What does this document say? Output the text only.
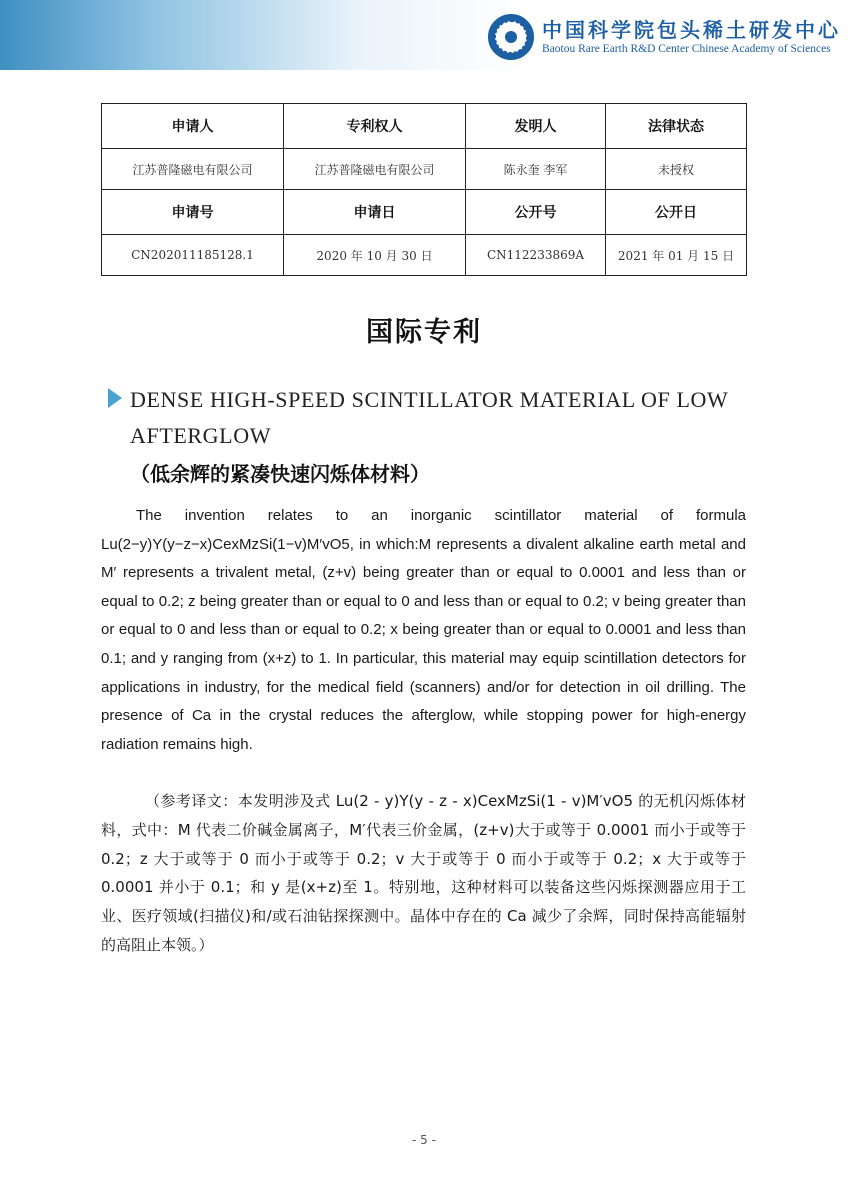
中国科学院包头稀土研发中心
Baotou Rare Earth R&D Center Chinese Academy of Sciences
申请人	专利权人	发明人	法律状态
江苏普隆磁电有限公司	江苏普隆磁电有限公司	陈永奎 李军	未授权
申请号	申请日	公开号	公开日
CN202011185128.1	2020 年 10 月 30 日	CN112233869A	2021 年 01 月 15 日
国际专利
DENSE HIGH-SPEED SCINTILLATOR MATERIAL OF LOW AFTERGLOW
（低余辉的紧凑快速闪烁体材料）
The invention relates to an inorganic scintillator material of formula Lu(2−y)Y(y−z−x)CexMzSi(1−v)M′vO5, in which:M represents a divalent alkaline earth metal and M′ represents a trivalent metal, (z+v) being greater than or equal to 0.0001 and less than or equal to 0.2; z being greater than or equal to 0 and less than or equal to 0.2; v being greater than or equal to 0 and less than or equal to 0.2; x being greater than or equal to 0.0001 and less than 0.1; and y ranging from (x+z) to 1. In particular, this material may equip scintillation detectors for applications in industry, for the medical field (scanners) and/or for detection in oil drilling. The presence of Ca in the crystal reduces the afterglow, while stopping power for high-energy radiation remains high.
（参考译文：本发明涉及式 Lu(2 - y)Y(y - z - x)CexMzSi(1 - v)M′vO5 的无机闪烁体材料，式中：M 代表二价碱金属离子，M′代表三价金属，(z+v)大于或等于 0.0001 而小于或等于 0.2；z 大于或等于 0 而小于或等于 0.2；v 大于或等于 0 而小于或等于 0.2；x 大于或等于 0.0001 并小于 0.1；和 y 是(x+z)至 1。特别地，这种材料可以装备这些闪烁探测器应用于工业、医疗领域(扫描仪)和/或石油钻探探测中。晶体中存在的 Ca 减少了余辉，同时保持高能辐射的高阻止本领。）
- 5 -
